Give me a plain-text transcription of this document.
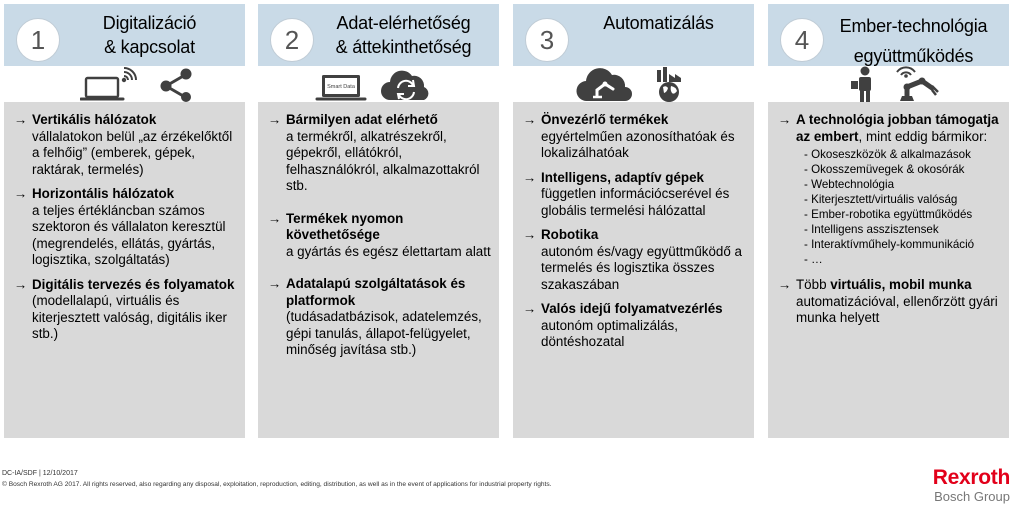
1
Digitalizáció
& kapcsolat
→ Vertikális hálózatok
vállalatokon belül „az érzékelőktől a felhőig” (emberek, gépek, raktárak, termelés)
→ Horizontális hálózatok
a teljes értékláncban számos szektoron és vállalaton keresztül (megrendelés, ellátás, gyártás, logisztika, szolgáltatás)
→ Digitális tervezés és folyamatok
(modellalapú, virtuális és kiterjesztett valóság, digitális iker stb.)
2
Adat-elérhetőség
& áttekinthetőség
Smart Data
→ Bármilyen adat elérhető
a termékről, alkatrészekről, gépekről, ellátókról, felhasználókról, alkalmazottakról stb.
→ Termékek nyomon követhetősége
a gyártás és egész élettartam alatt
→ Adatalapú szolgáltatások és platformok
(tudásadatbázisok, adatelemzés, gépi tanulás, állapot-felügyelet, minőség javítása stb.)
3
Automatizálás
→ Önvezérlő termékek
egyértelműen azonosíthatóak és lokalizálhatóak
→ Intelligens, adaptív gépek
független információcserével és globális termelési hálózattal
→ Robotika
autonóm és/vagy együttműködő a termelés és logisztika összes szakaszában
→ Valós idejű folyamatvezérlés
autonóm optimalizálás, döntéshozatal
4	Ember-technológia
együttműködés
→ A technológia jobban támogatja az embert, mint eddig bármikor:
- Okoseszközök & alkalmazások
- Okosszemüvegek & okosórák
- Webtechnológia
- Kiterjesztett/virtuális valóság
- Ember-robotika együttműködés
- Intelligens asszisztensek
- Interaktívműhely-kommunikáció
- …
→ Több virtuális, mobil munka automatizációval, ellenőrzött gyári munka helyett
DC-IA/SDF | 12/10/2017
© Bosch Rexroth AG 2017. All rights reserved, also regarding any disposal, exploitation, reproduction, editing, distribution, as well as in the event of applications for industrial property rights.	Rexroth
Bosch Group
